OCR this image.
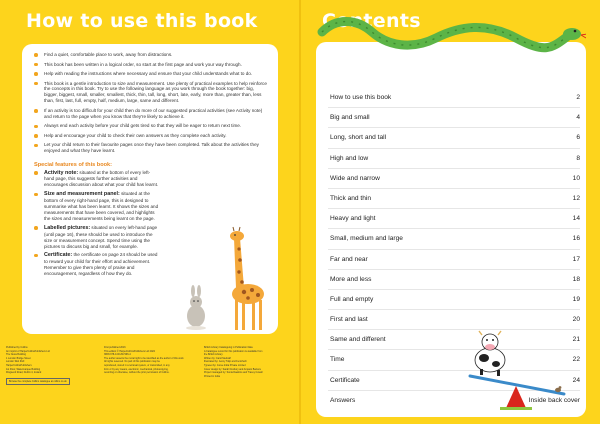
How to use this book
Find a quiet, comfortable place to work, away from distractions.
This book has been written in a logical order, so start at the first page and work your way through.
Help with reading the instructions where necessary and ensure that your child understands what to do.
This book is a gentle introduction to size and measurement. Use plenty of practical examples to help reinforce the concepts in this book. Try to use the following language as you work through the book together: big, bigger, biggest, small, smaller, smallest, thick, thin, tall, long, short, late, early, more than, greater than, less than, first, last, full, empty, half, medium, large, same and different.
If an activity is too difficult for your child then do more of our suggested practical activities (see Activity note) and return to the page when you know that they're likely to achieve it.
Always end each activity before your child gets tired so that they will be eager to return next time.
Help and encourage your child to check their own answers as they complete each activity.
Let your child return to their favourite pages once they have been completed. Talk about the activities they enjoyed and what they have learnt.
Special features of this book:
Activity note: situated at the bottom of every left-hand page, this suggests further activities and encourages discussion about what your child has learnt.
Size and measurement panel: situated at the bottom of every right-hand page, this is designed to summarise what has been learnt. It shows the sizes and measurements that have been covered, and highlights the sizes and measurements being learnt on the page.
Labelled pictures: situated on every left-hand page (until page 16), these should be used to introduce the size or measurement concept. Spend time using the pictures to discuss big and small, for example.
Certificate: the certificate on page 24 should be used to reward your child for their effort and achievement. Remember to give them plenty of praise and encouragement, regardless of how they do.
Published by Collins
An imprint of HarperCollinsPublishers Ltd
The News Building
1 London Bridge Street
London SE1 9GF
HarperCollinsPublishers
1st Floor, Watermarque Building
Ringsend Road, Dublin 4, Ireland
Browse the complete Collins catalogue at collins.co.uk
First published 2016
This edition © HarperCollinsPublishers Ltd 2022
ISBN 978-0-00-847296-4
The author asserts the moral right to be identified as the author of this work.
All rights reserved. No part of this publication may be
reproduced, stored in a retrieval system, or transmitted, in any
form or by any means, electronic, mechanical, photocopying,
recording or otherwise, without the prior permission of Collins.
British Library Cataloguing in Publication Data
A Catalogue record for this publication is available from
the British Library.
Written by: Carol Medcalf
Illustrated by: Jenny Tulip and Fenichelli
Typeset by: Jouve India Private Limited
Cover design by: Sarah Duxbury and Amparo Barrera
Project managed by: Sonia Dawkins and Tracey Cowell
Printed in India
Contents
How to use this book	2
Big and small	4
Long, short and tall	6
High and low	8
Wide and narrow	10
Thick and thin	12
Heavy and light	14
Small, medium and large	16
Far and near	17
More and less	18
Full and empty	19
First and last	20
Same and different	21
Time	22
Certificate	24
Answers	Inside back cover
